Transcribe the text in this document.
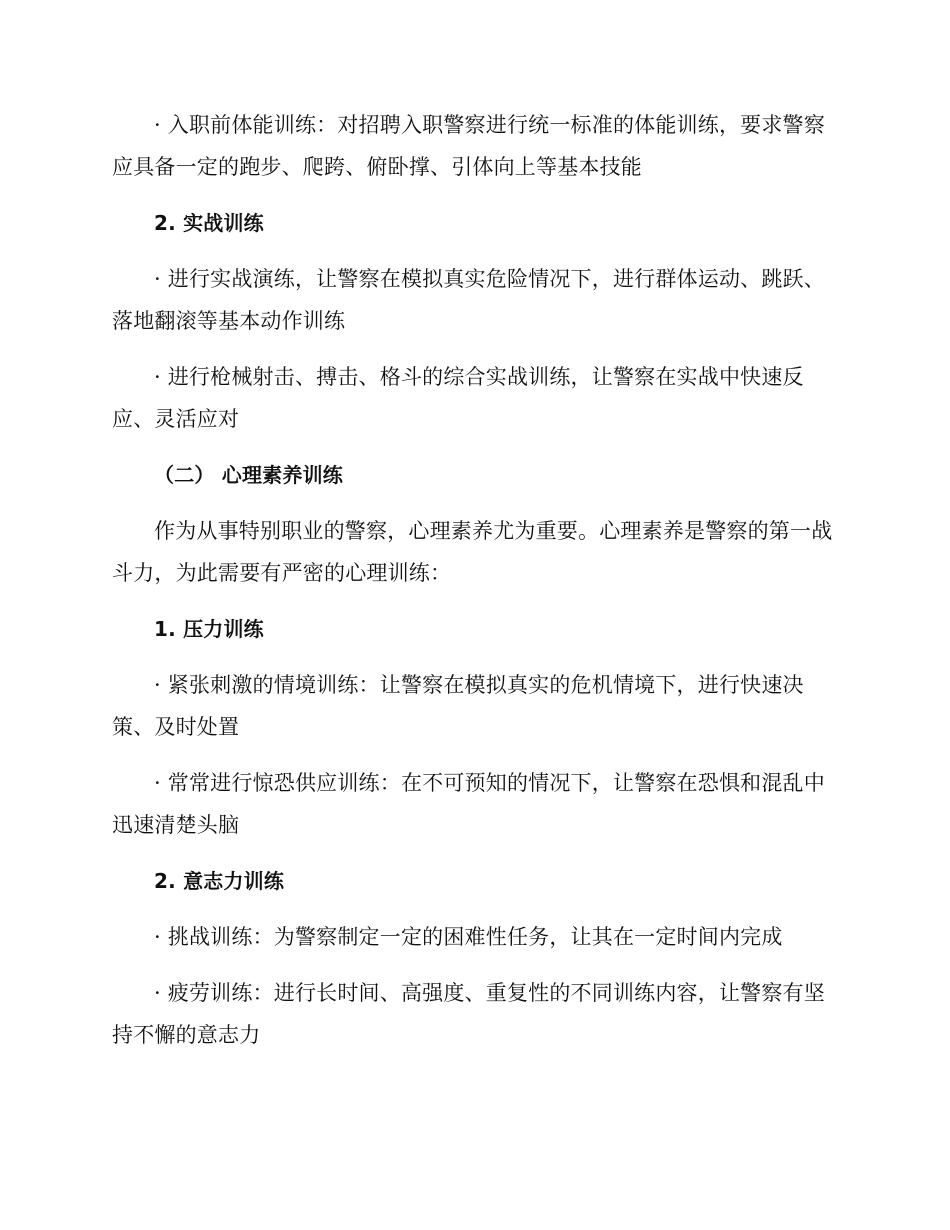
· 入职前体能训练：对招聘入职警察进行统一标准的体能训练，要求警察应具备一定的跑步、爬跨、俯卧撑、引体向上等基本技能

2. 实战训练

· 进行实战演练，让警察在模拟真实危险情况下，进行群体运动、跳跃、落地翻滚等基本动作训练

· 进行枪械射击、搏击、格斗的综合实战训练，让警察在实战中快速反应、灵活应对

（二） 心理素养训练

作为从事特别职业的警察，心理素养尤为重要。心理素养是警察的第一战斗力，为此需要有严密的心理训练：

1. 压力训练

· 紧张刺激的情境训练：让警察在模拟真实的危机情境下，进行快速决策、及时处置

· 常常进行惊恐供应训练：在不可预知的情况下，让警察在恐惧和混乱中迅速清楚头脑

2. 意志力训练

· 挑战训练：为警察制定一定的困难性任务，让其在一定时间内完成

· 疲劳训练：进行长时间、高强度、重复性的不同训练内容，让警察有坚持不懈的意志力
